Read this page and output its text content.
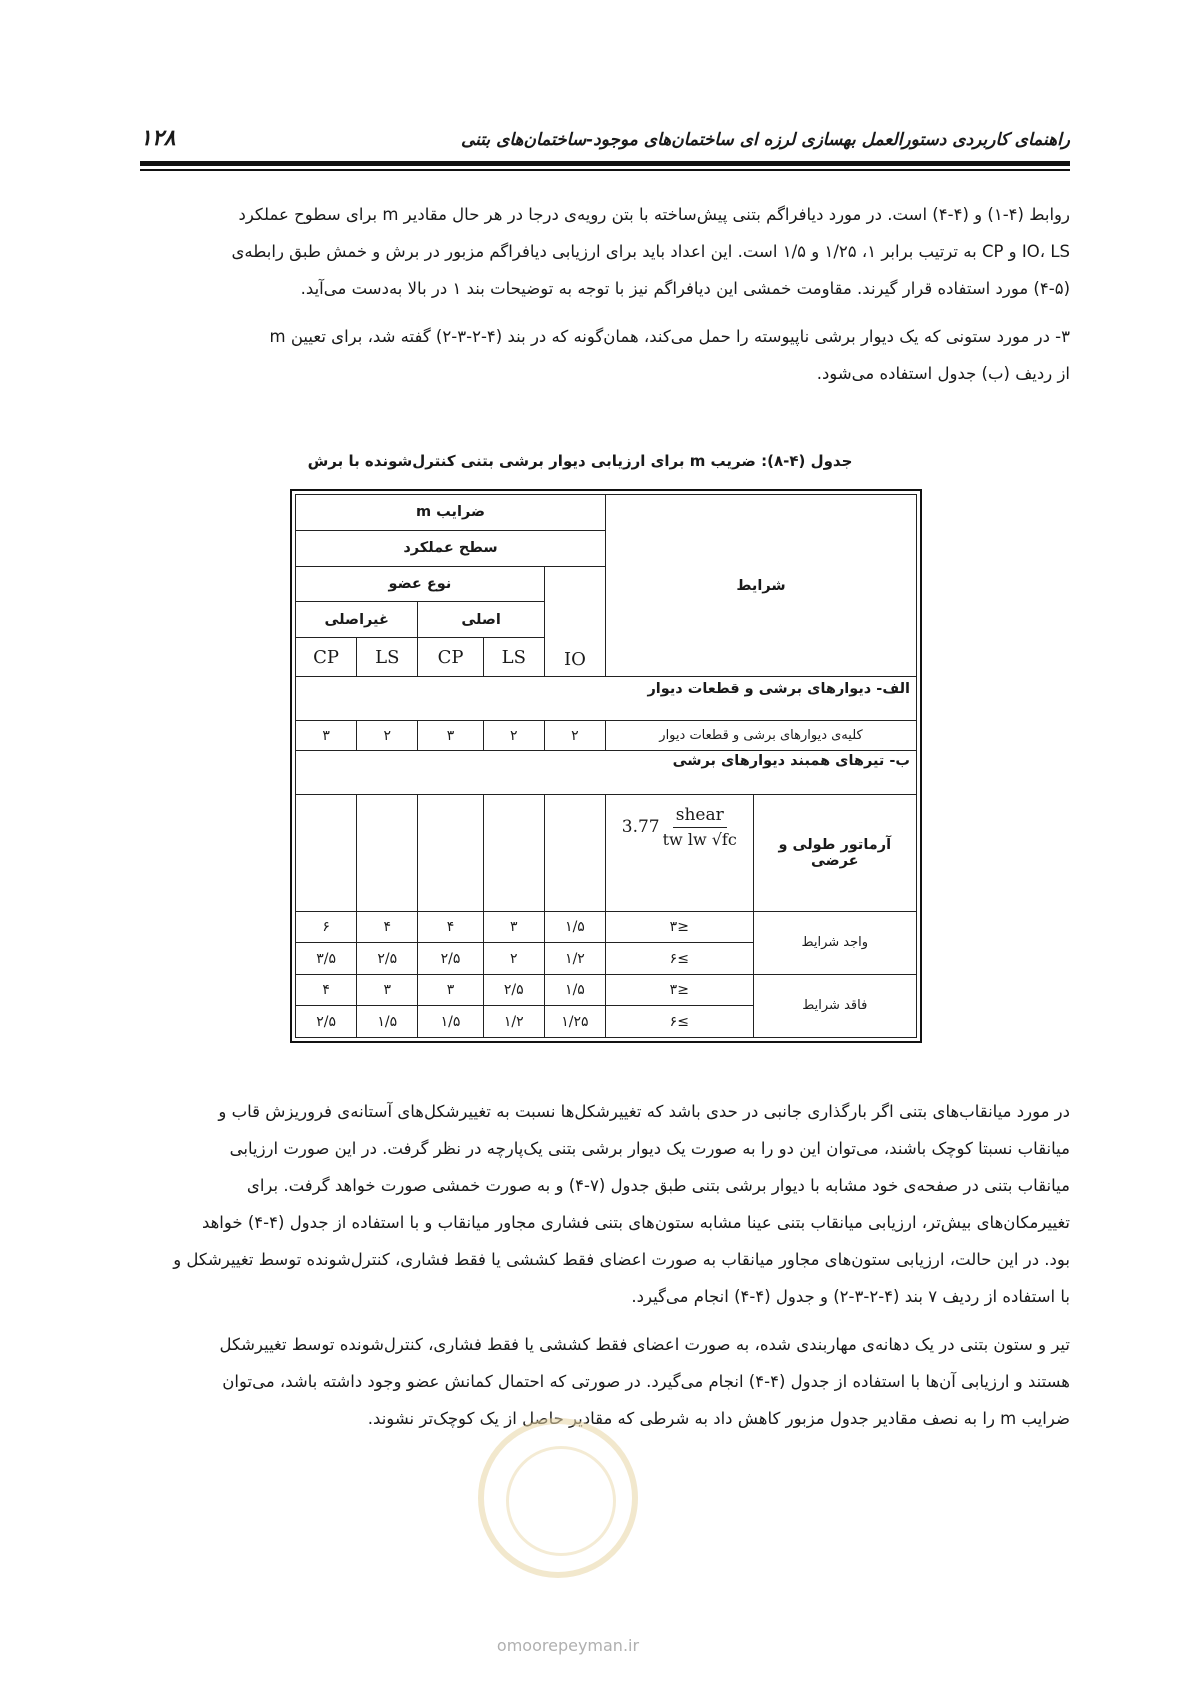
راهنمای کاربردی دستورالعمل بهسازی لرزه ای ساختمان‌های موجود-ساختمان‌های بتنی
۱۲۸

روابط (۴-۱) و (۴-۴) است. در مورد دیافراگم بتنی پیش‌ساخته با بتن رویه‌ی درجا در هر حال مقادیر m برای سطوح عملکرد
IO، LS و CP به ترتیب برابر ۱، ۱/۲۵ و ۱/۵ است. این اعداد باید برای ارزیابی دیافراگم مزبور در برش و خمش طبق رابطه‌ی
(۴-۵) مورد استفاده قرار گیرند. مقاومت خمشی این دیافراگم نیز با توجه به توضیحات بند ۱ در بالا به‌دست می‌آید.

۳- در مورد ستونی که یک دیوار برشی ناپیوسته را حمل می‌کند، همان‌گونه که در بند (۴-۲-۳-۲) گفته شد، برای تعیین m
از ردیف (ب) جدول استفاده می‌شود.

جدول (۴-۸): ضریب m برای ارزیابی دیوار برشی بتنی کنترل‌شونده با برش
شرایط		ضرایب m				
		سطح عملکرد				
		IO	نوع عضو			
			اصلی		غیراصلی	
			LS	CP	LS	CP
الف- دیوارهای برشی و قطعات دیوار						
کلیه‌ی دیوارهای برشی و قطعات دیوار		۲	۲	۳	۲	۳
ب- تیرهای همبند دیوارهای برشی						
آرماتور طولی و عرضی	$3.77 \frac{\text{shear}}{\text{tw lw √fc}}$

واجد شرایط	≤۳	۱/۵	۳	۴	۴	۶
	≥۶	۱/۲	۲	۲/۵	۲/۵	۳/۵
فاقد شرایط	≤۳	۱/۵	۲/۵	۳	۳	۴
	≥۶	۱/۲۵	۱/۲	۱/۵	۱/۵	۲/۵

در مورد میانقاب‌های بتنی اگر بارگذاری جانبی در حدی باشد که تغییرشکل‌ها نسبت به تغییرشکل‌های آستانه‌ی فروریزش قاب و
میانقاب نسبتا کوچک باشند، می‌توان این دو را به صورت یک دیوار برشی بتنی یک‌پارچه در نظر گرفت. در این صورت ارزیابی
میانقاب بتنی در صفحه‌ی خود مشابه با دیوار برشی بتنی طبق جدول (۷-۴) و به صورت خمشی صورت خواهد گرفت. برای
تغییرمکان‌های بیش‌تر، ارزیابی میانقاب بتنی عینا مشابه ستون‌های بتنی فشاری مجاور میانقاب و با استفاده از جدول (۴-۴) خواهد
بود. در این حالت، ارزیابی ستون‌های مجاور میانقاب به صورت اعضای فقط کششی یا فقط فشاری، کنترل‌شونده توسط تغییرشکل و
با استفاده از ردیف ۷ بند (۴-۲-۳-۲) و جدول (۴-۴) انجام می‌گیرد.

تیر و ستون بتنی در یک دهانه‌ی مهاربندی شده، به صورت اعضای فقط کششی یا فقط فشاری، کنترل‌شونده توسط تغییرشکل
هستند و ارزیابی آن‌ها با استفاده از جدول (۴-۴) انجام می‌گیرد. در صورتی که احتمال کمانش عضو وجود داشته باشد، می‌توان
ضرایب m را به نصف مقادیر جدول مزبور کاهش داد به شرطی که مقادیر حاصل از یک کوچک‌تر نشوند.

omoorepeyman.ir
